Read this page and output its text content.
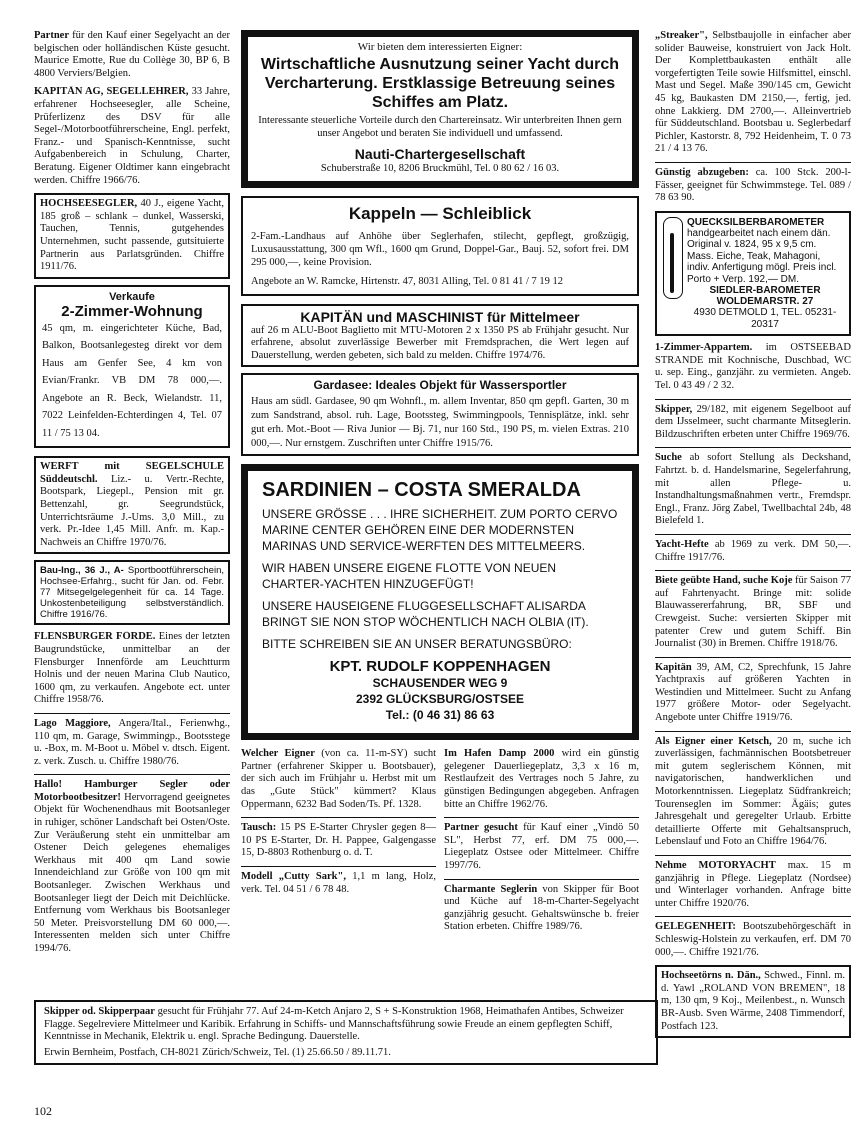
Partner für den Kauf einer Segelyacht an der belgischen oder holländischen Küste gesucht. Maurice Emotte, Rue du Collège 30, BP 6, B 4800 Verviers/Belgien.
KAPITÄN AG, SEGELLEHRER, 33 Jahre, erfahrener Hochseesegler, alle Scheine, Prüferlizenz des DSV für alle Segel-/Motorbootführerscheine, Engl. perfekt, Franz.- und Spanisch-Kenntnisse, sucht Aufgabenbereich in Schulung, Charter, Beratung. Eigener Oldtimer kann eingebracht werden. Chiffre 1966/76.
HOCHSEESEGLER, 40 J., eigene Yacht, 185 groß – schlank – dunkel, Wasserski, Tauchen, Tennis, gutgehendes Unternehmen, sucht passende, gutsituierte Partnerin aus Parlatsgründen. Chiffre 1911/76.
Verkaufe
2-Zimmer-Wohnung
45 qm, m. eingerichteter Küche, Bad, Balkon, Bootsanlegesteg direkt vor dem Haus am Genfer See, 4 km von Evian/Frankr. VB DM 78 000,—. Angebote an R. Beck, Wielandstr. 11, 7022 Leinfelden-Echterdingen 4, Tel. 07 11 / 75 13 04.
WERFT mit SEGELSCHULE Süddeutschl. Liz.- u. Vertr.-Rechte, Bootspark, Liegepl., Pension mit gr. Bettenzahl, gr. Seegrundstück, Unterrichtsräume J.-Ums. 3,0 Mill., zu verk. Pr.-Idee 1,45 Mill. Anfr. m. Kap.-Nachweis an Chiffre 1970/76.
Bau-Ing., 36 J., A- Sportbootführerschein, Hochsee-Erfahrg., sucht für Jan. od. Febr. 77 Mitsegelgelegenheit für ca. 14 Tage. Unkostenbeteiligung selbstverständlich. Chiffre 1916/76.
FLENSBURGER FÖRDE. Eines der letzten Baugrundstücke, unmittelbar an der Flensburger Innenförde am Leuchtturm Holnis und der neuen Marina Club Nautico, 1600 qm, zu verkaufen. Angebote ect. unter Chiffre 1958/76.
Lago Maggiore, Angera/Ital., Ferienwhg., 110 qm, m. Garage, Swimmingp., Bootsstege u. -Box, m. M-Boot u. Möbel v. dtsch. Eigent. z. verk. Zusch. u. Chiffre 1980/76.
Hallo! Hamburger Segler oder Motorbootbesitzer! Hervorragend geeignetes Objekt für Wochenendhaus mit Bootsanleger in ruhiger, schöner Landschaft bei Osten/Oste. Zur Veräußerung steht ein unmittelbar am Ostener Deich gelegenes ehemaliges Werkhaus mit 400 qm Land sowie Innendeichland zur Größe von 100 qm mit Bootsanleger. Zwischen Werkhaus und Bootsanleger liegt der Deich mit Deichlücke. Entfernung vom Werkhaus bis Bootsanleger 50 Meter. Preisvorstellung DM 60 000,—. Interessenten melden sich unter Chiffre 1994/76.
Wir bieten dem interessierten Eigner:
Wirtschaftliche Ausnutzung seiner Yacht durch Vercharterung. Erstklassige Betreuung seines Schiffes am Platz.
Interessante steuerliche Vorteile durch den Chartereinsatz. Wir unterbreiten Ihnen gern unser Angebot und beraten Sie individuell und umfassend.
Nauti-Chartergesellschaft
Schuberstraße 10, 8206 Bruckmühl, Tel. 0 80 62 / 16 03.
Kappeln — Schleiblick
2-Fam.-Landhaus auf Anhöhe über Seglerhafen, stilecht, gepflegt, großzügig, Luxusausstattung, 300 qm Wfl., 1600 qm Grund, Doppel-Gar., Bauj. 52, sofort frei. DM 295 000,—, keine Provision.
Angebote an W. Ramcke, Hirtenstr. 47, 8031 Alling, Tel. 0 81 41 / 7 19 12
KAPITÄN und MASCHINIST für Mittelmeer
auf 26 m ALU-Boot Baglietto mit MTU-Motoren 2 x 1350 PS ab Frühjahr gesucht. Nur erfahrene, absolut zuverlässige Bewerber mit Fremdsprachen, die Wert legen auf Dauerstellung, werden gebeten, sich bald zu melden. Chiffre 1974/76.
Gardasee: Ideales Objekt für Wassersportler
Haus am südl. Gardasee, 90 qm Wohnfl., m. allem Inventar, 850 qm gepfl. Garten, 30 m zum Sandstrand, absol. ruh. Lage, Bootssteg, Swimmingpools, Tennisplätze, inkl. sehr gut erh. Mot.-Boot — Riva Junior — Bj. 71, nur 160 Std., 190 PS, m. vielen Extras. 210 000,—. Nur ernstgem. Zuschriften unter Chiffre 1915/76.
SARDINIEN – COSTA SMERALDA

UNSERE GRÖSSE . . . IHRE SICHERHEIT. ZUM PORTO CERVO MARINE CENTER GEHÖREN EINE DER MODERNSTEN MARINAS UND SERVICE-WERFTEN DES MITTELMEERS.

WIR HABEN UNSERE EIGENE FLOTTE VON NEUEN CHARTER-YACHTEN HINZUGEFÜGT!

UNSERE HAUSEIGENE FLUGGESELLSCHAFT ALISARDA BRINGT SIE NON STOP WÖCHENTLICH NACH OLBIA (IT).

BITTE SCHREIBEN SIE AN UNSER BERATUNGSBÜRO:

KPT. RUDOLF KOPPENHAGEN
SCHAUSENDER WEG 9
2392 GLÜCKSBURG/OSTSEE
Tel.: (0 46 31) 86 63
Welcher Eigner (von ca. 11-m-SY) sucht Partner (erfahrener Skipper u. Bootsbauer), der sich auch im Frühjahr u. Herbst mit um das „Gute Stück" kümmert? Klaus Oppermann, 6232 Bad Soden/Ts. Pf. 1328.
Tausch: 15 PS E-Starter Chrysler gegen 8—10 PS E-Starter, Dr. H. Pappee, Galgengasse 15, D-8803 Rothenburg o. d. T.
Modell „Cutty Sark", 1,1 m lang, Holz, verk. Tel. 04 51 / 6 78 48.
Im Hafen Damp 2000 wird ein günstig gelegener Dauerliegeplatz, 3,3 x 16 m, Restlaufzeit des Vertrages noch 5 Jahre, zu günstigen Bedingungen abgegeben. Anfragen bitte an Chiffre 1962/76.
Partner gesucht für Kauf einer „Vindö 50 SL", Herbst 77, erf. DM 75 000,—. Liegeplatz Ostsee oder Mittelmeer. Chiffre 1997/76.
Charmante Seglerin von Skipper für Boot und Küche auf 18-m-Charter-Segelyacht ganzjährig gesucht. Gehaltswünsche b. freier Station erbeten. Chiffre 1989/76.
„Streaker", Selbstbaujolle in einfacher aber solider Bauweise, konstruiert von Jack Holt. Der Komplettbaukasten enthält alle vorgefertigten Teile sowie Hilfsmittel, einschl. Mast und Segel. Maße 390/145 cm, Gewicht 45 kg, Baukasten DM 2150,—, fertig, jed. ohne Lakkierg. DM 2700,—. Alleinvertrieb für Süddeutschland. Bootsbau u. Seglerbedarf Pichler, Kastorstr. 8, 792 Heidenheim, T. 0 73 21 / 4 13 76.
Günstig abzugeben: ca. 100 Stck. 200-l-Fässer, geeignet für Schwimmstege. Tel. 089 / 78 63 90.
QUECKSILBERBAROMETER
handgearbeitet nach einem dän. Original v. 1824, 95 x 9,5 cm. Mass. Eiche, Teak, Mahagoni, indiv. Anfertigung mögl. Preis incl. Porto + Verp. 192,— DM.
SIEDLER-BAROMETER WOLDEMARSTR. 27
4930 DETMOLD 1, TEL. 05231-20317
1-Zimmer-Appartem. im OSTSEEBAD STRANDE mit Kochnische, Duschbad, WC u. sep. Eing., ganzjähr. zu vermieten. Angeb. Tel. 0 43 49 / 2 32.
Skipper, 29/182, mit eigenem Segelboot auf dem IJsselmeer, sucht charmante Mitseglerin. Bildzuschriften erbeten unter Chiffre 1969/76.
Suche ab sofort Stellung als Deckshand, Fahrtzt. b. d. Handelsmarine, Segelerfahrung, mit allen Pflege- u. Instandhaltungsmaßnahmen vertr., Fremdspr. Engl., Franz. Jörg Zabel, Twellbachtal 24b, 48 Bielefeld 1.
Yacht-Hefte ab 1969 zu verk. DM 50,—. Chiffre 1917/76.
Biete geübte Hand, suche Koje für Saison 77 auf Fahrtenyacht. Bringe mit: solide Blauwassererfahrung, BR, SBF und Crewgeist. Suche: versierten Skipper mit patenter Crew und gutem Schiff. Bin Journalist (30) in Bremen. Chiffre 1918/76.
Kapitän 39, AM, C2, Sprechfunk, 15 Jahre Yachtpraxis auf größeren Yachten in Westindien und Mittelmeer. Sucht zu Anfang 1977 größere Motor- oder Segelyacht. Angebote unter Chiffre 1919/76.
Als Eigner einer Ketsch, 20 m, suche ich zuverlässigen, fachmännischen Bootsbetreuer mit gutem seglerischem Können, mit navigatorischen, handwerklichen und Motorkenntnissen. Liegeplatz Südfrankreich; Tourenseglen im Sommer: Ägäis; gutes Jahresgehalt und geregelter Urlaub. Erbitte detaillierte Offerte mit Gehaltsanspruch, Lebenslauf und Foto an Chiffre 1964/76.
Nehme MOTORYACHT max. 15 m ganzjährig in Pflege. Liegeplatz (Nordsee) und Winterlager vorhanden. Anfrage bitte unter Chiffre 1920/76.
GELEGENHEIT: Bootszubehörgeschäft in Schleswig-Holstein zu verkaufen, erf. DM 70 000,—. Chiffre 1921/76.
Hochseetörns n. Dän., Schwed., Finnl. m. d. Yawl „ROLAND VON BREMEN", 18 m, 130 qm, 9 Koj., Meilenbest., n. Wunsch BR-Ausb. Sven Wärme, 2408 Timmendorf, Postfach 123.
Skipper od. Skipperpaar gesucht für Frühjahr 77. Auf 24-m-Ketch Anjaro 2, S + S-Konstruktion 1968, Heimathafen Antibes, Schweizer Flagge. Segelreviere Mittelmeer und Karibik. Erfahrung in Schiffs- und Mannschaftsführung sowie Freude an einem gepflegten Schiff, Kenntnisse in Mechanik, Elektrik u. engl. Sprache Bedingung. Dauerstelle.
Erwin Bernheim, Postfach, CH-8021 Zürich/Schweiz, Tel. (1) 25.66.50 / 89.11.71.
102
